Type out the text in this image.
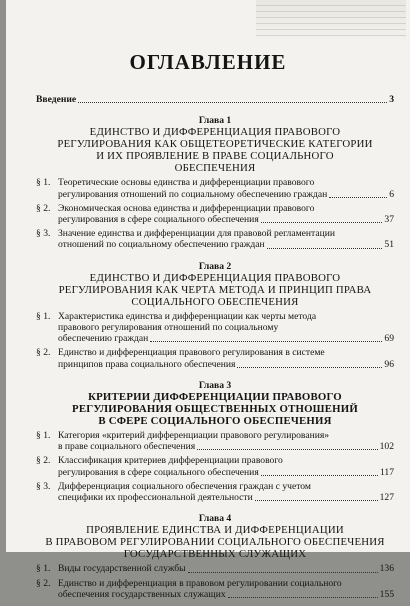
ОГЛАВЛЕНИЕ
Введение	3
Глава 1
ЕДИНСТВО И ДИФФЕРЕНЦИАЦИЯ ПРАВОВОГО
РЕГУЛИРОВАНИЯ КАК ОБЩЕТЕОРЕТИЧЕСКИЕ КАТЕГОРИИ
И ИХ ПРОЯВЛЕНИЕ В ПРАВЕ СОЦИАЛЬНОГО
ОБЕСПЕЧЕНИЯ
§ 1. Теоретические основы единства и дифференциации правового
регулирования отношений по социальному обеспечению граждан	6
§ 2. Экономическая основа единства и дифференциации правового
регулирования в сфере социального обеспечения	37
§ 3. Значение единства и дифференциации для правовой регламентации
отношений по социальному обеспечению граждан	51
Глава 2
ЕДИНСТВО И ДИФФЕРЕНЦИАЦИЯ ПРАВОВОГО
РЕГУЛИРОВАНИЯ КАК ЧЕРТА МЕТОДА И ПРИНЦИП ПРАВА
СОЦИАЛЬНОГО ОБЕСПЕЧЕНИЯ
§ 1. Характеристика единства и дифференциации как черты метода
правового регулирования отношений по социальному
обеспечению граждан	69
§ 2. Единство и дифференциация правового регулирования в системе
принципов права социального обеспечения	96
Глава 3
КРИТЕРИИ ДИФФЕРЕНЦИАЦИИ ПРАВОВОГО
РЕГУЛИРОВАНИЯ ОБЩЕСТВЕННЫХ ОТНОШЕНИЙ
В СФЕРЕ СОЦИАЛЬНОГО ОБЕСПЕЧЕНИЯ
§ 1. Категория «критерий дифференциации правового регулирования»
в праве социального обеспечения	102
§ 2. Классификация критериев дифференциации правового
регулирования в сфере социального обеспечения	117
§ 3. Дифференциация социального обеспечения граждан с учетом
специфики их профессиональной деятельности	127
Глава 4
ПРОЯВЛЕНИЕ ЕДИНСТВА И ДИФФЕРЕНЦИАЦИИ
В ПРАВОВОМ РЕГУЛИРОВАНИИ СОЦИАЛЬНОГО ОБЕСПЕЧЕНИЯ
ГОСУДАРСТВЕННЫХ СЛУЖАЩИХ
§ 1. Виды государственной службы	136
§ 2. Единство и дифференциация в правовом регулировании социального
обеспечения государственных служащих	155
